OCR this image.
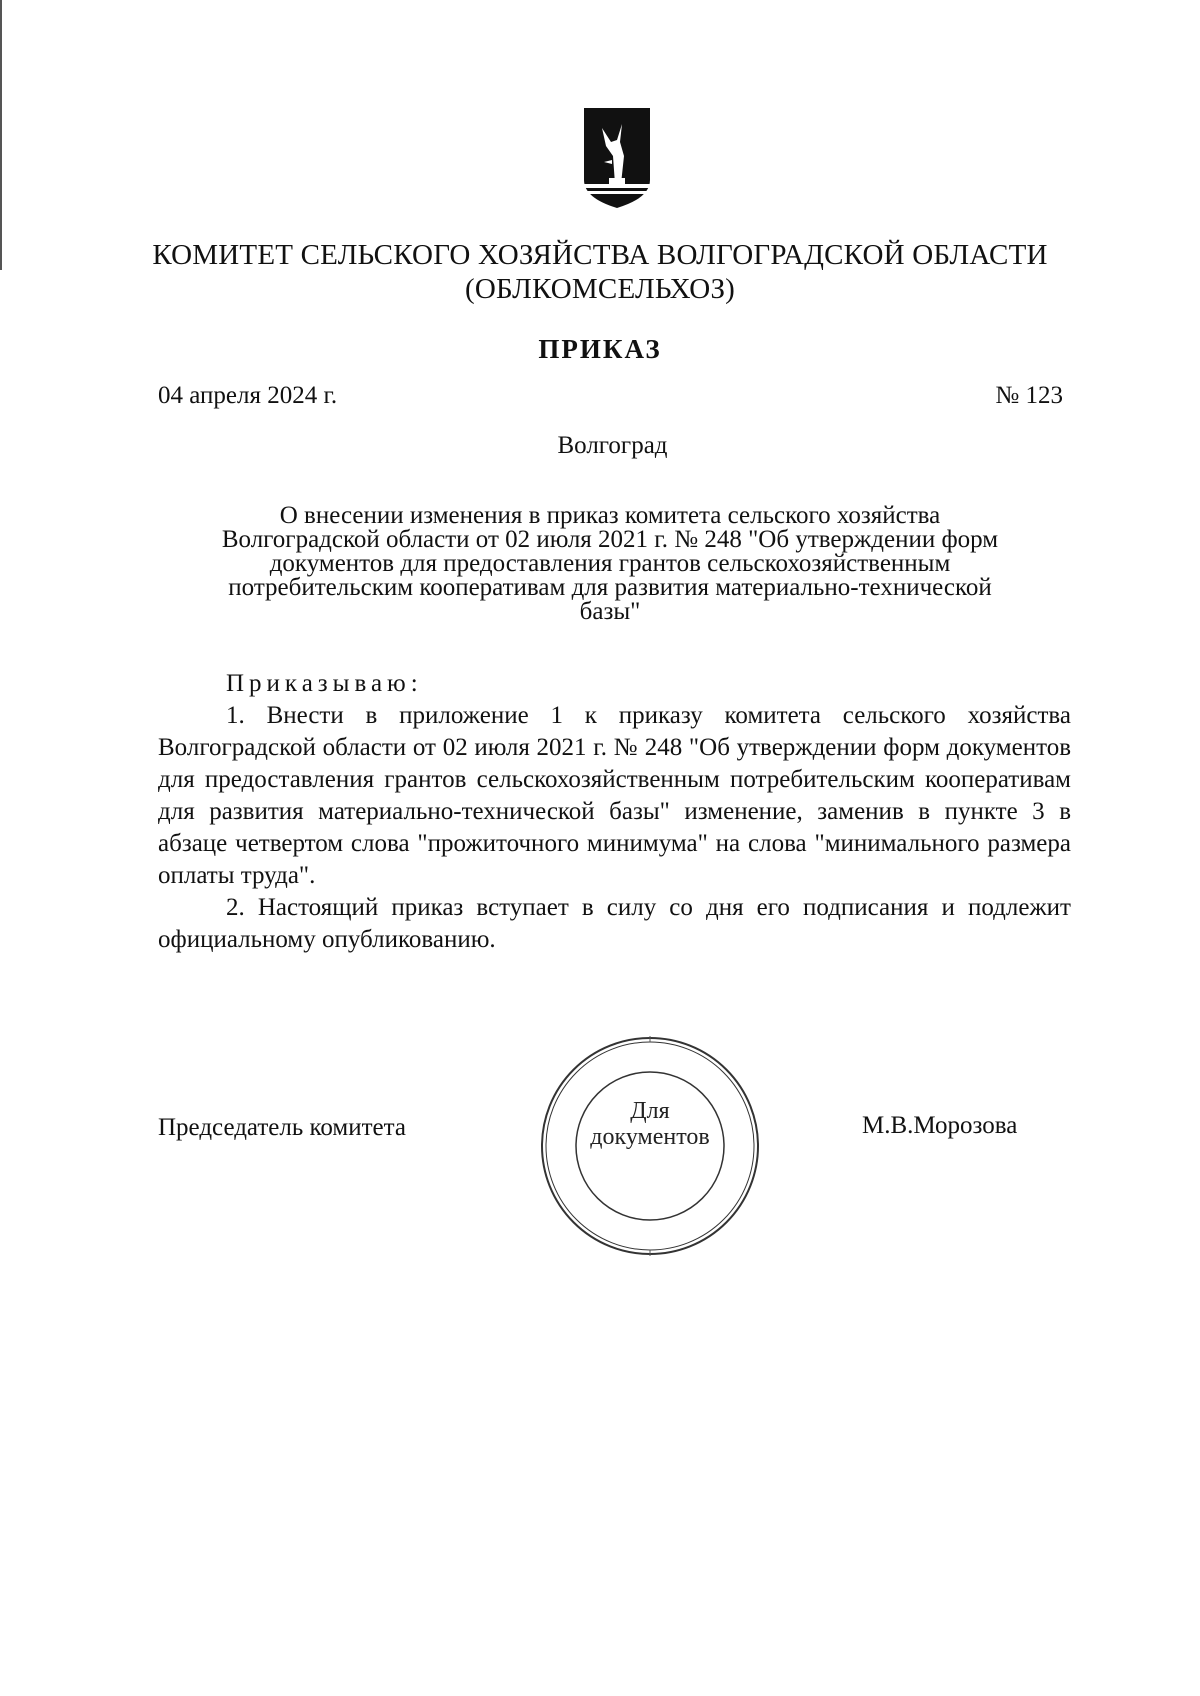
КОМИТЕТ СЕЛЬСКОГО ХОЗЯЙСТВА ВОЛГОГРАДСКОЙ ОБЛАСТИ
(ОБЛКОМСЕЛЬХОЗ)
ПРИКАЗ
04 апреля 2024 г.	№ 123
Волгоград
О внесении изменения в приказ комитета сельского хозяйства
Волгоградской области от 02 июля 2021 г. № 248 "Об утверждении форм
документов для предоставления грантов сельскохозяйственным
потребительским кооперативам для развития материально-технической
базы"

Приказываю:

1. Внести в приложение 1 к приказу комитета сельского хозяйства Волгоградской области от 02 июля 2021 г. № 248 "Об утверждении форм документов для предоставления грантов сельскохозяйственным потребительским кооперативам для развития материально-технической базы" изменение, заменив в пункте 3 в абзаце четвертом слова "прожиточного минимума" на слова "минимального размера оплаты труда".

2. Настоящий приказ вступает в силу со дня его подписания и подлежит официальному опубликованию.

Председатель комитета
Для
документов	М.В.Морозова
